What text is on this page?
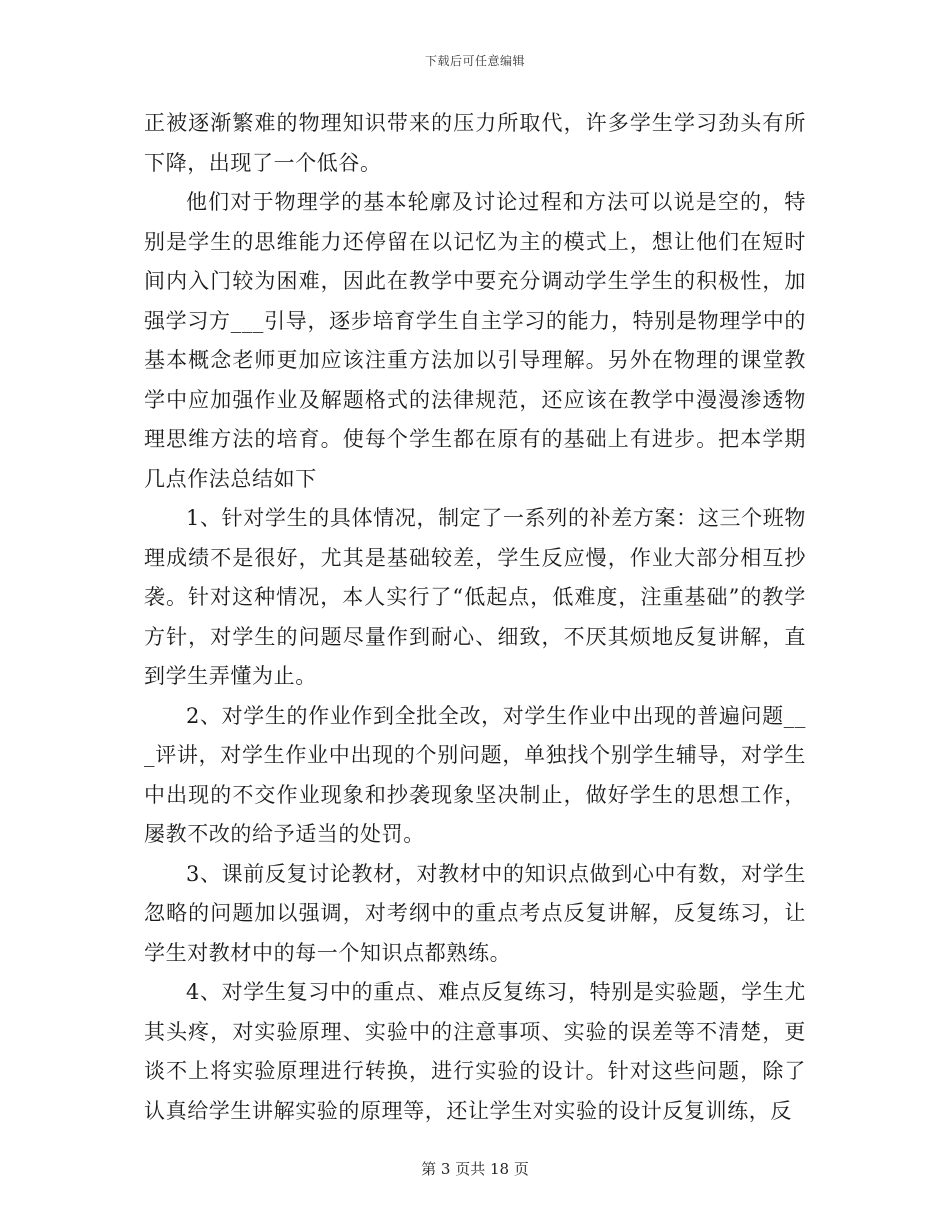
下载后可任意编辑

正被逐渐繁难的物理知识带来的压力所取代，许多学生学习劲头有所下降，出现了一个低谷。

他们对于物理学的基本轮廓及讨论过程和方法可以说是空的，特别是学生的思维能力还停留在以记忆为主的模式上，想让他们在短时间内入门较为困难，因此在教学中要充分调动学生学生的积极性，加强学习方___引导，逐步培育学生自主学习的能力，特别是物理学中的基本概念老师更加应该注重方法加以引导理解。另外在物理的课堂教学中应加强作业及解题格式的法律规范，还应该在教学中漫漫渗透物理思维方法的培育。使每个学生都在原有的基础上有进步。把本学期几点作法总结如下

1、针对学生的具体情况，制定了一系列的补差方案：这三个班物理成绩不是很好，尤其是基础较差，学生反应慢，作业大部分相互抄袭。针对这种情况，本人实行了“低起点，低难度，注重基础”的教学方针，对学生的问题尽量作到耐心、细致，不厌其烦地反复讲解，直到学生弄懂为止。

2、对学生的作业作到全批全改，对学生作业中出现的普遍问题___评讲，对学生作业中出现的个别问题，单独找个别学生辅导，对学生中出现的不交作业现象和抄袭现象坚决制止，做好学生的思想工作，屡教不改的给予适当的处罚。

3、课前反复讨论教材，对教材中的知识点做到心中有数，对学生忽略的问题加以强调，对考纲中的重点考点反复讲解，反复练习，让学生对教材中的每一个知识点都熟练。

4、对学生复习中的重点、难点反复练习，特别是实验题，学生尤其头疼，对实验原理、实验中的注意事项、实验的误差等不清楚，更谈不上将实验原理进行转换，进行实验的设计。针对这些问题，除了认真给学生讲解实验的原理等，还让学生对实验的设计反复训练，反

第 3 页共 18 页
